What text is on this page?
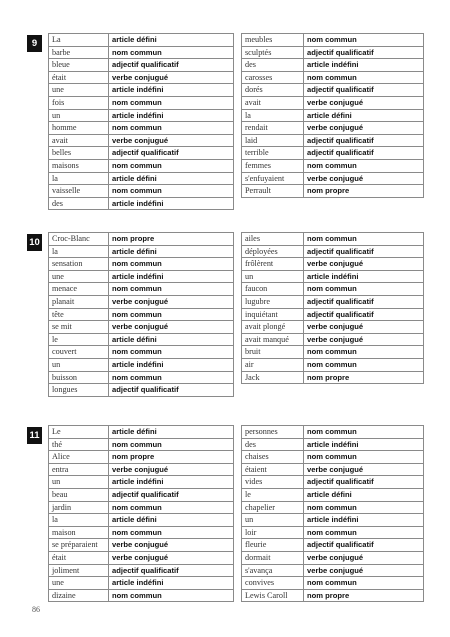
9	La	article défini
barbe	nom commun
bleue	adjectif qualificatif
était	verbe conjugué
une	article indéfini
fois	nom commun
un	article indéfini
homme	nom commun
avait	verbe conjugué
belles	adjectif qualificatif
maisons	nom commun
la	article défini
vaisselle	nom commun
des	article indéfini
meubles	nom commun
sculptés	adjectif qualificatif
des	article indéfini
carosses	nom commun
dorés	adjectif qualificatif
avait	verbe conjugué
la	article défini
rendait	verbe conjugué
laid	adjectif qualificatif
terrible	adjectif qualificatif
femmes	nom commun
s'enfuyaient	verbe conjugué
Perrault	nom propre
10 Croc-Blanc	nom propre
la	article défini
sensation	nom commun
une	article indéfini
menace	nom commun
planait	verbe conjugué
tête	nom commun
se mit	verbe conjugué
le	article défini
couvert	nom commun
un	article indéfini
buisson	nom commun
longues	adjectif qualificatif
ailes	nom commun
déployées	adjectif qualificatif
frôlèrent	verbe conjugué
un	article indéfini
faucon	nom commun
lugubre	adjectif qualificatif
inquiétant	adjectif qualificatif
avait plongé	verbe conjugué
avait manqué	verbe conjugué
bruit	nom commun
air	nom commun
Jack	nom propre
11	Le	article défini
thé	nom commun
Alice	nom propre
entra	verbe conjugué
un	article indéfini
beau	adjectif qualificatif
jardin	nom commun
la	article défini
maison	nom commun
se préparaient	verbe conjugué
était	verbe conjugué
joliment	adjectif qualificatif
une	article indéfini
dizaine	nom commun
personnes	nom commun
des	article indéfini
chaises	nom commun
étaient	verbe conjugué
vides	adjectif qualificatif
le	article défini
chapelier	nom commun
un	article indéfini
loir	nom commun
fleurie	adjectif qualificatif
dormait	verbe conjugué
s'avança	verbe conjugué
convives	nom commun
Lewis Caroll	nom propre
86
